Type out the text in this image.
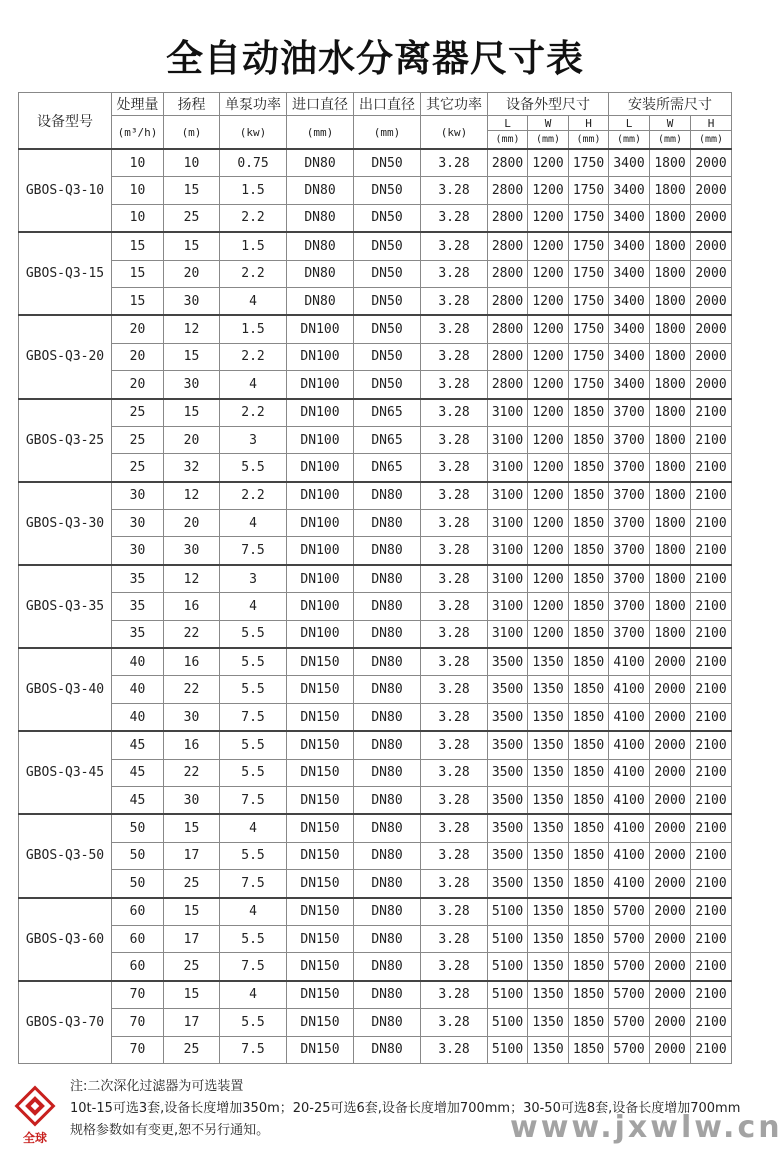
全自动油水分离器尺寸表
设备型号	处理量	扬程	单泵功率	进口直径	出口直径	其它功率	设备外型尺寸			安装所需尺寸		
	(m³/h)	(m)	(kw)	(mm)	(mm)	(kw)	L	W	H	L	W	H
							(mm)	(mm)	(mm)	(mm)	(mm)	(mm)
GBOS-Q3-10	10	10	0.75	DN80	DN50	3.28	2800	1200	1750	3400	1800	2000
	10	15	1.5	DN80	DN50	3.28	2800	1200	1750	3400	1800	2000
	10	25	2.2	DN80	DN50	3.28	2800	1200	1750	3400	1800	2000
GBOS-Q3-15	15	15	1.5	DN80	DN50	3.28	2800	1200	1750	3400	1800	2000
	15	20	2.2	DN80	DN50	3.28	2800	1200	1750	3400	1800	2000
	15	30	4	DN80	DN50	3.28	2800	1200	1750	3400	1800	2000
GBOS-Q3-20	20	12	1.5	DN100	DN50	3.28	2800	1200	1750	3400	1800	2000
	20	15	2.2	DN100	DN50	3.28	2800	1200	1750	3400	1800	2000
	20	30	4	DN100	DN50	3.28	2800	1200	1750	3400	1800	2000
GBOS-Q3-25	25	15	2.2	DN100	DN65	3.28	3100	1200	1850	3700	1800	2100
	25	20	3	DN100	DN65	3.28	3100	1200	1850	3700	1800	2100
	25	32	5.5	DN100	DN65	3.28	3100	1200	1850	3700	1800	2100
GBOS-Q3-30	30	12	2.2	DN100	DN80	3.28	3100	1200	1850	3700	1800	2100
	30	20	4	DN100	DN80	3.28	3100	1200	1850	3700	1800	2100
	30	30	7.5	DN100	DN80	3.28	3100	1200	1850	3700	1800	2100
GBOS-Q3-35	35	12	3	DN100	DN80	3.28	3100	1200	1850	3700	1800	2100
	35	16	4	DN100	DN80	3.28	3100	1200	1850	3700	1800	2100
	35	22	5.5	DN100	DN80	3.28	3100	1200	1850	3700	1800	2100
GBOS-Q3-40	40	16	5.5	DN150	DN80	3.28	3500	1350	1850	4100	2000	2100
	40	22	5.5	DN150	DN80	3.28	3500	1350	1850	4100	2000	2100
	40	30	7.5	DN150	DN80	3.28	3500	1350	1850	4100	2000	2100
GBOS-Q3-45	45	16	5.5	DN150	DN80	3.28	3500	1350	1850	4100	2000	2100
	45	22	5.5	DN150	DN80	3.28	3500	1350	1850	4100	2000	2100
	45	30	7.5	DN150	DN80	3.28	3500	1350	1850	4100	2000	2100
GBOS-Q3-50	50	15	4	DN150	DN80	3.28	3500	1350	1850	4100	2000	2100
	50	17	5.5	DN150	DN80	3.28	3500	1350	1850	4100	2000	2100
	50	25	7.5	DN150	DN80	3.28	3500	1350	1850	4100	2000	2100
GBOS-Q3-60	60	15	4	DN150	DN80	3.28	5100	1350	1850	5700	2000	2100
	60	17	5.5	DN150	DN80	3.28	5100	1350	1850	5700	2000	2100
	60	25	7.5	DN150	DN80	3.28	5100	1350	1850	5700	2000	2100
GBOS-Q3-70	70	15	4	DN150	DN80	3.28	5100	1350	1850	5700	2000	2100
	70	17	5.5	DN150	DN80	3.28	5100	1350	1850	5700	2000	2100
	70	25	7.5	DN150	DN80	3.28	5100	1350	1850	5700	2000	2100
全球
注:二次深化过滤器为可选装置
10t-15可选3套,设备长度增加350m；20-25可选6套,设备长度增加700mm；30-50可选8套,设备长度增加700mm
规格参数如有变更,恕不另行通知。	www.jxwlw.cn
